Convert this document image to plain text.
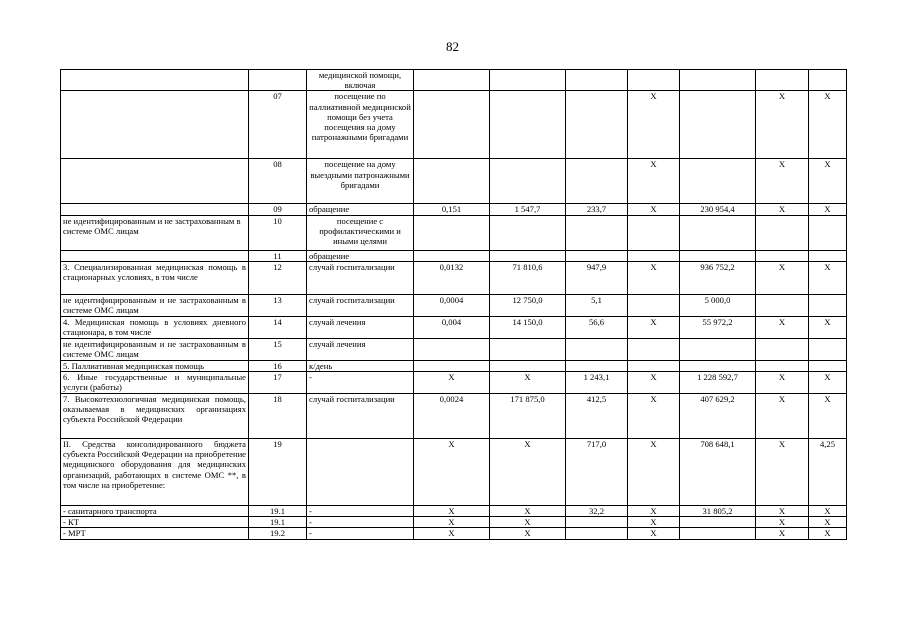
82
		медицинской помощи, включая							
	07	посещение по паллиативной медицинской помощи без учета посещения на дому патронажными бригадами				X		X	X
	08	посещение на дому выездными патронажными бригадами				X		X	X
	09	обращение	0,151	1 547,7	233,7	X	230 954,4	X	X
не идентифицированным и не застрахованным в системе ОМС лицам	10	посещение с профилактическими и иными целями							
	11	обращение							
3. Специализированная медицинская помощь в стационарных условиях, в том числе	12	случай госпитализации	0,0132	71 810,6	947,9	X	936 752,2	X	X
не идентифицированным и не застрахованным в системе ОМС лицам	13	случай госпитализации	0,0004	12 750,0	5,1		5 000,0		
4. Медицинская помощь в условиях дневного стационара, в том числе	14	случай лечения	0,004	14 150,0	56,6	X	55 972,2	X	X
не идентифицированным и не застрахованным в системе ОМС лицам	15	случай лечения							
5. Паллиативная медицинская помощь	16	к/день							
6. Иные государственные и муниципальные услуги (работы)	17	-	X	X	1 243,1	X	1 228 592,7	X	X
7. Высокотехнологичная медицинская помощь, оказываемая в медицинских организациях субъекта Российской Федерации	18	случай госпитализации	0,0024	171 875,0	412,5	X	407 629,2	X	X
II. Средства консолидированного бюджета субъекта Российской Федерации на приобретение медицинского оборудования для медицинских организаций, работающих в системе ОМС **, в том числе на приобретение:	19		X	X	717,0	X	708 648,1	X	4,25
- санитарного транспорта	19.1	-	X	X	32,2	X	31 805,2	X	X
- КТ	19.1	-	X	X		X		X	X
- МРТ	19.2	-	X	X		X		X	X
